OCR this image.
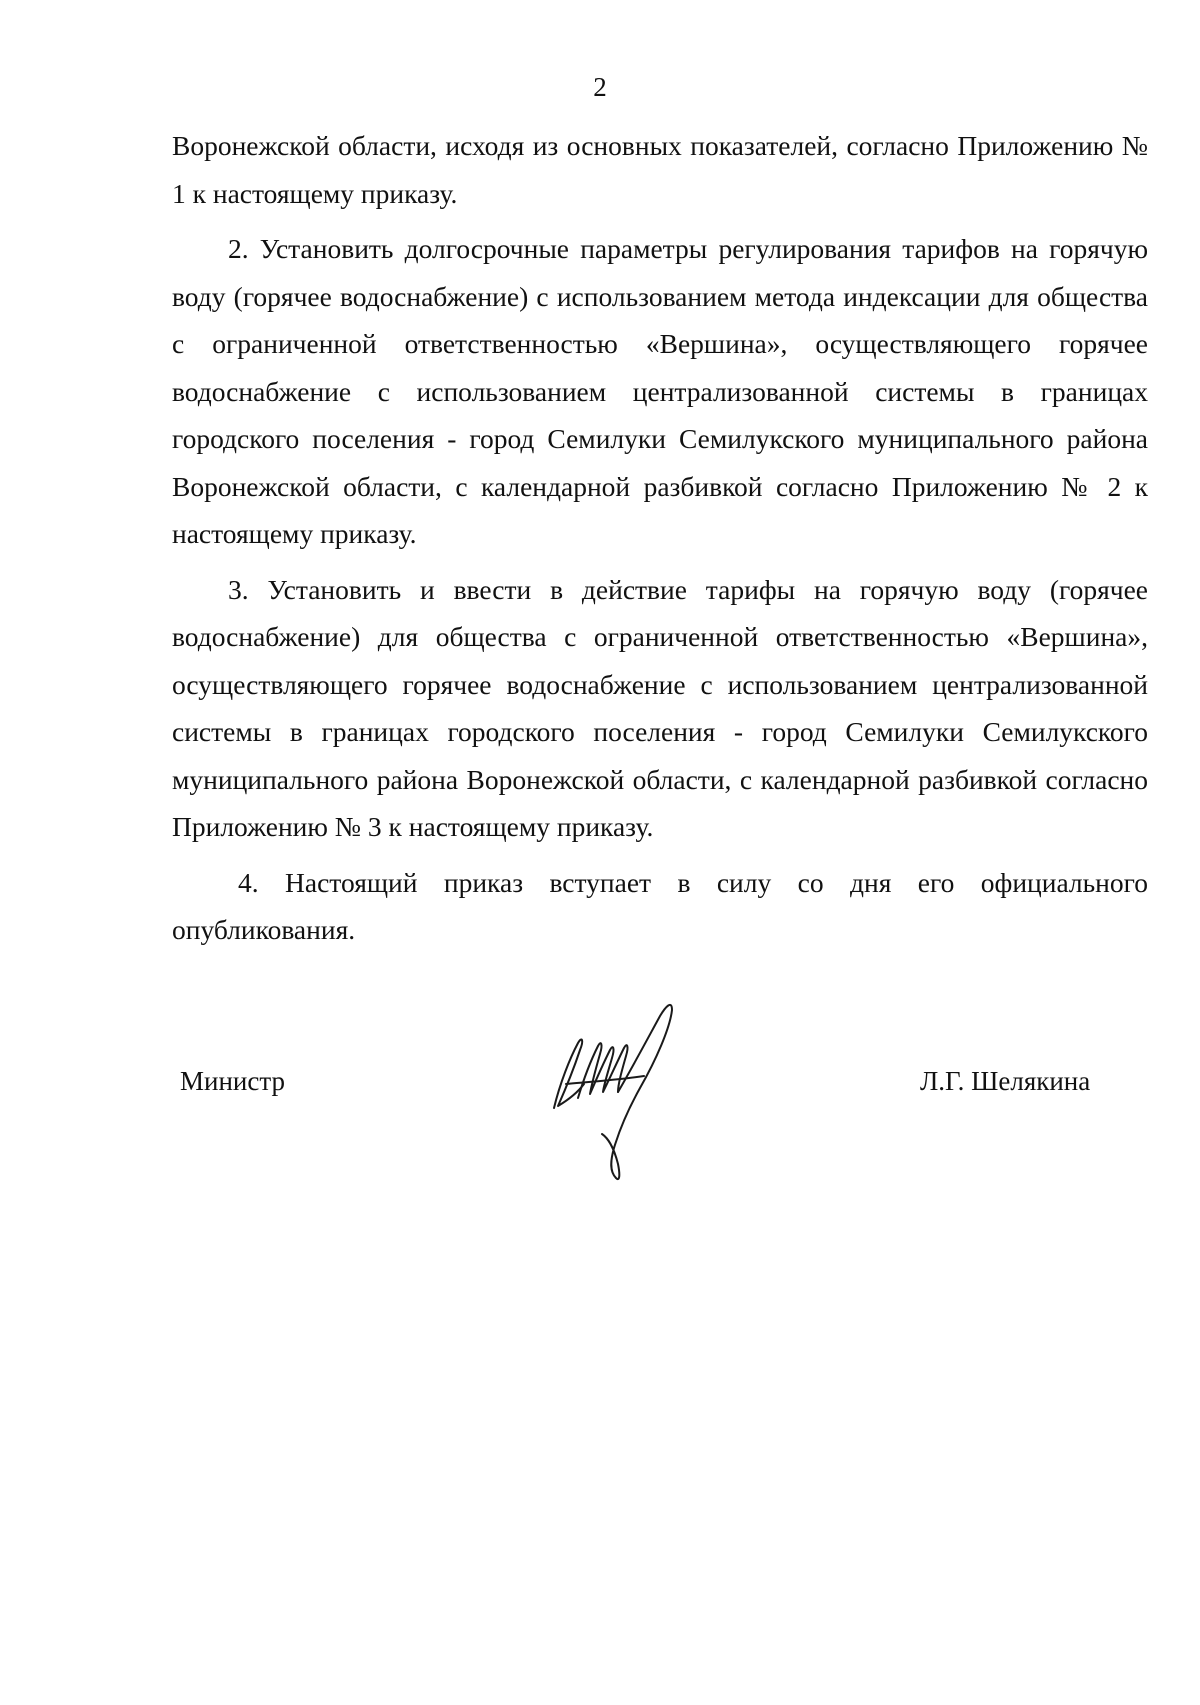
2

Воронежской области, исходя из основных показателей, согласно Приложению № 1 к настоящему приказу.

2. Установить долгосрочные параметры регулирования тарифов на горячую воду (горячее водоснабжение) с использованием метода индексации для общества с ограниченной ответственностью «Вершина», осуществляющего горячее водоснабжение с использованием централизованной системы в границах городского поселения - город Семилуки Семилукского муниципального района Воронежской области, с календарной разбивкой согласно Приложению № 2 к настоящему приказу.

3. Установить и ввести в действие тарифы на горячую воду (горячее водоснабжение) для общества с ограниченной ответственностью «Вершина», осуществляющего горячее водоснабжение с использованием централизованной системы в границах городского поселения - город Семилуки Семилукского муниципального района Воронежской области, с календарной разбивкой согласно Приложению № 3 к настоящему приказу.

4. Настоящий приказ вступает в силу со дня его официального опубликования.

Министр	Л.Г. Шелякина
